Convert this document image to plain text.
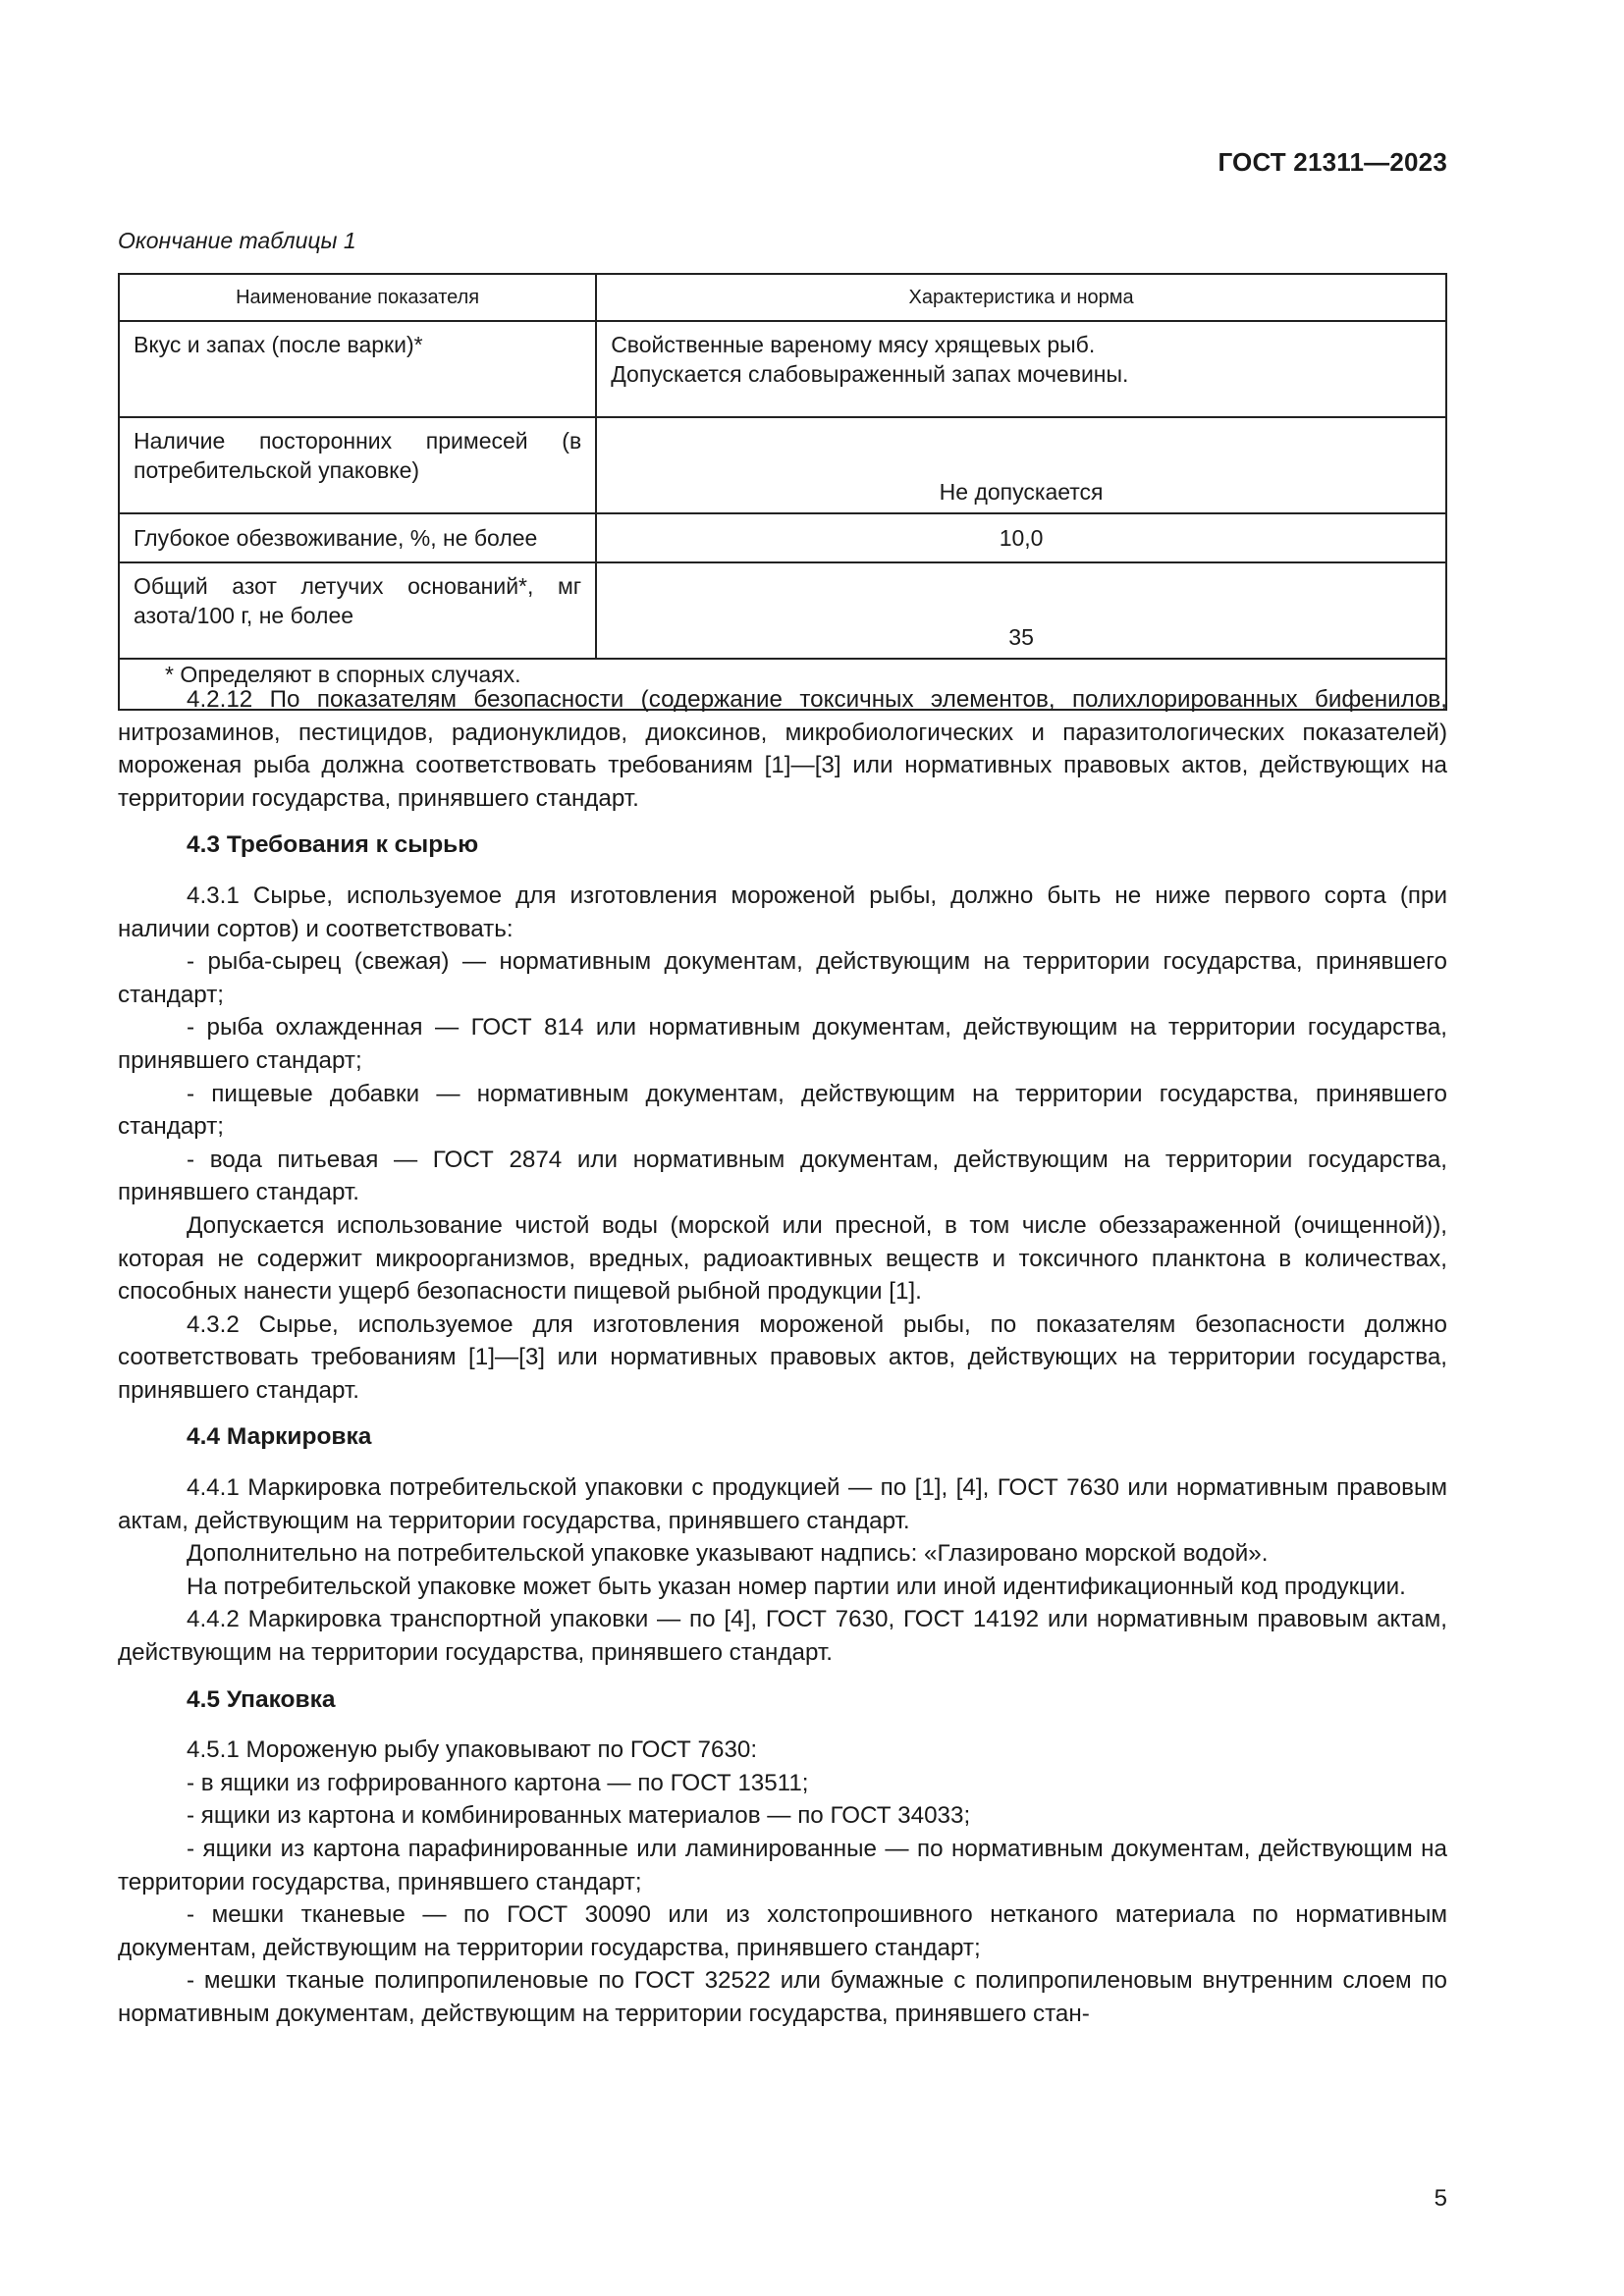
ГОСТ 21311—2023
Окончание таблицы 1
Наименование показателя	Характеристика и норма
Вкус и запах (после варки)*	Свойственные вареному мясу хрящевых рыб.
Допускается слабовыраженный запах мочевины.

Наличие посторонних примесей (в потребительской упаковке)	Не допускается
Глубокое обезвоживание, %, не более	10,0
Общий азот летучих оснований*, мг азота/100 г, не более	35
* Определяют в спорных случаях.	

4.2.12 По показателям безопасности (содержание токсичных элементов, полихлорированных бифенилов, нитрозаминов, пестицидов, радионуклидов, диоксинов, микробиологических и паразитологических показателей) мороженая рыба должна соответствовать требованиям [1]—[3] или нормативных правовых актов, действующих на территории государства, принявшего стандарт.

4.3 Требования к сырью

4.3.1 Сырье, используемое для изготовления мороженой рыбы, должно быть не ниже первого сорта (при наличии сортов) и соответствовать:

- рыба-сырец (свежая) — нормативным документам, действующим на территории государства, принявшего стандарт;

- рыба охлажденная — ГОСТ 814 или нормативным документам, действующим на территории государства, принявшего стандарт;

- пищевые добавки — нормативным документам, действующим на территории государства, принявшего стандарт;

- вода питьевая — ГОСТ 2874 или нормативным документам, действующим на территории государства, принявшего стандарт.

Допускается использование чистой воды (морской или пресной, в том числе обеззараженной (очищенной)), которая не содержит микроорганизмов, вредных, радиоактивных веществ и токсичного планктона в количествах, способных нанести ущерб безопасности пищевой рыбной продукции [1].

4.3.2 Сырье, используемое для изготовления мороженой рыбы, по показателям безопасности должно соответствовать требованиям [1]—[3] или нормативных правовых актов, действующих на территории государства, принявшего стандарт.

4.4 Маркировка

4.4.1 Маркировка потребительской упаковки с продукцией — по [1], [4], ГОСТ 7630 или нормативным правовым актам, действующим на территории государства, принявшего стандарт.

Дополнительно на потребительской упаковке указывают надпись: «Глазировано морской водой».

На потребительской упаковке может быть указан номер партии или иной идентификационный код продукции.

4.4.2 Маркировка транспортной упаковки — по [4], ГОСТ 7630, ГОСТ 14192 или нормативным правовым актам, действующим на территории государства, принявшего стандарт.

4.5 Упаковка

4.5.1 Мороженую рыбу упаковывают по ГОСТ 7630:

- в ящики из гофрированного картона — по ГОСТ 13511;

- ящики из картона и комбинированных материалов — по ГОСТ 34033;

- ящики из картона парафинированные или ламинированные — по нормативным документам, действующим на территории государства, принявшего стандарт;

- мешки тканевые — по ГОСТ 30090 или из холстопрошивного нетканого материала по нормативным документам, действующим на территории государства, принявшего стандарт;

- мешки тканые полипропиленовые по ГОСТ 32522 или бумажные с полипропиленовым внутренним слоем по нормативным документам, действующим на территории государства, принявшего стан-

5
